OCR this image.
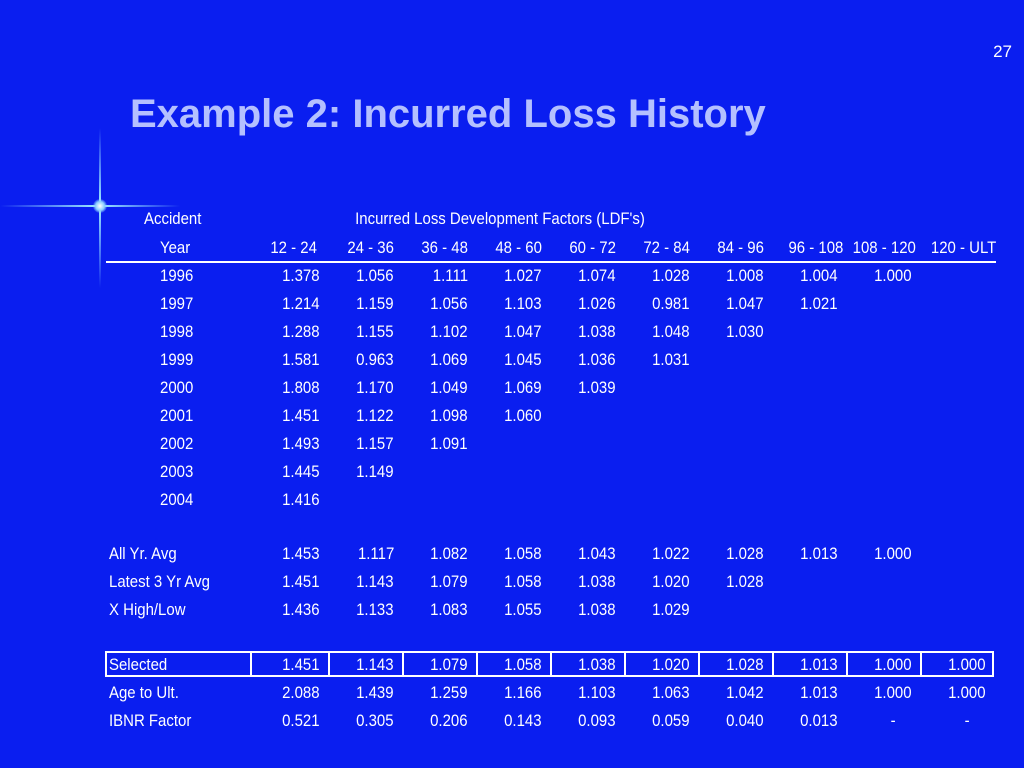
27
Example 2: Incurred Loss History
Accident	Incurred Loss Development Factors (LDF's)
Year	12 - 24 24 - 36 36 - 48 48 - 60 60 - 72 72 - 84 84 - 96 96 - 108 108 - 120 120 - ULT
1996	1.378 1.056 1.111 1.027 1.074 1.028 1.008 1.004 1.000
1997	1.214 1.159 1.056 1.103 1.026 0.981 1.047 1.021
1998	1.288 1.155 1.102 1.047 1.038 1.048 1.030
1999	1.581 0.963 1.069 1.045 1.036 1.031
2000	1.808 1.170 1.049 1.069 1.039
2001	1.451 1.122 1.098 1.060
2002	1.493 1.157 1.091
2003	1.445 1.149
2004	1.416
All Yr. Avg	1.453 1.117 1.082 1.058 1.043 1.022 1.028 1.013 1.000
Latest 3 Yr Avg	1.451 1.143 1.079 1.058 1.038 1.020 1.028
X High/Low	1.436 1.133 1.083 1.055 1.038 1.029
Selected	1.451 1.143 1.079 1.058 1.038 1.020 1.028 1.013 1.000 1.000
Age to Ult.	2.088 1.439 1.259 1.166 1.103 1.063 1.042 1.013 1.000 1.000
IBNR Factor	0.521 0.305 0.206 0.143 0.093 0.059 0.040 0.013	-	-
